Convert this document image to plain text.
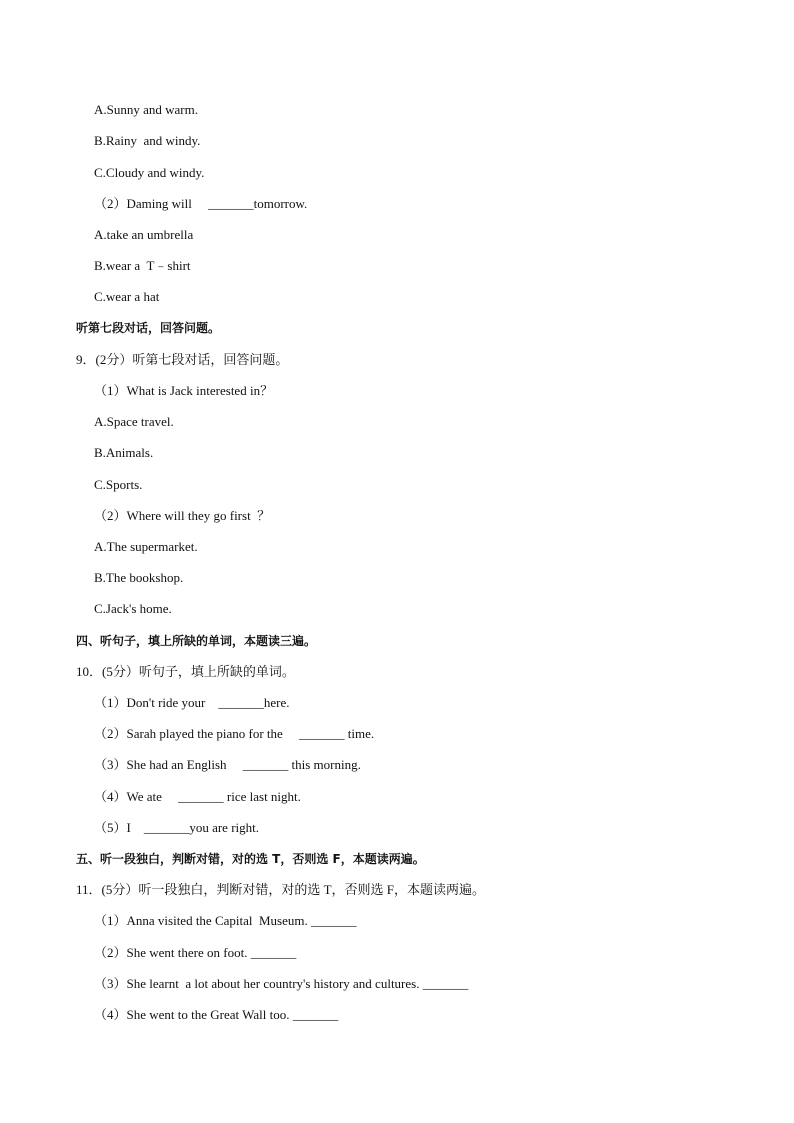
A.Sunny and warm.
B.Rainy  and windy.
C.Cloudy and windy.
（2）Daming will     _______tomorrow.
A.take an umbrella
B.wear a  T﹣shirt
C.wear a hat
听第七段对话，回答问题。
9．(2分）听第七段对话，回答问题。
（1）What is Jack interested in？
A.Space travel.
B.Animals.
C.Sports.
（2）Where will they go first  ？
A.The supermarket.
B.The bookshop.
C.Jack's home.
四、听句子，填上所缺的单词，本题读三遍。
10．(5分）听句子，填上所缺的单词。
（1）Don't ride your    _______here.
（2）Sarah played the piano for the     _______ time.
（3）She had an English     _______ this morning.
（4）We ate     _______ rice last night.
（5）I    _______you are right.
五、听一段独白，判断对错，对的选 T，否则选 F，本题读两遍。
11．(5分）听一段独白，判断对错，对的选 T，否则选 F，本题读两遍。
（1）Anna visited the Capital  Museum. _______
（2）She went there on foot. _______
（3）She learnt  a lot about her country's history and cultures. _______
（4）She went to the Great Wall too. _______
